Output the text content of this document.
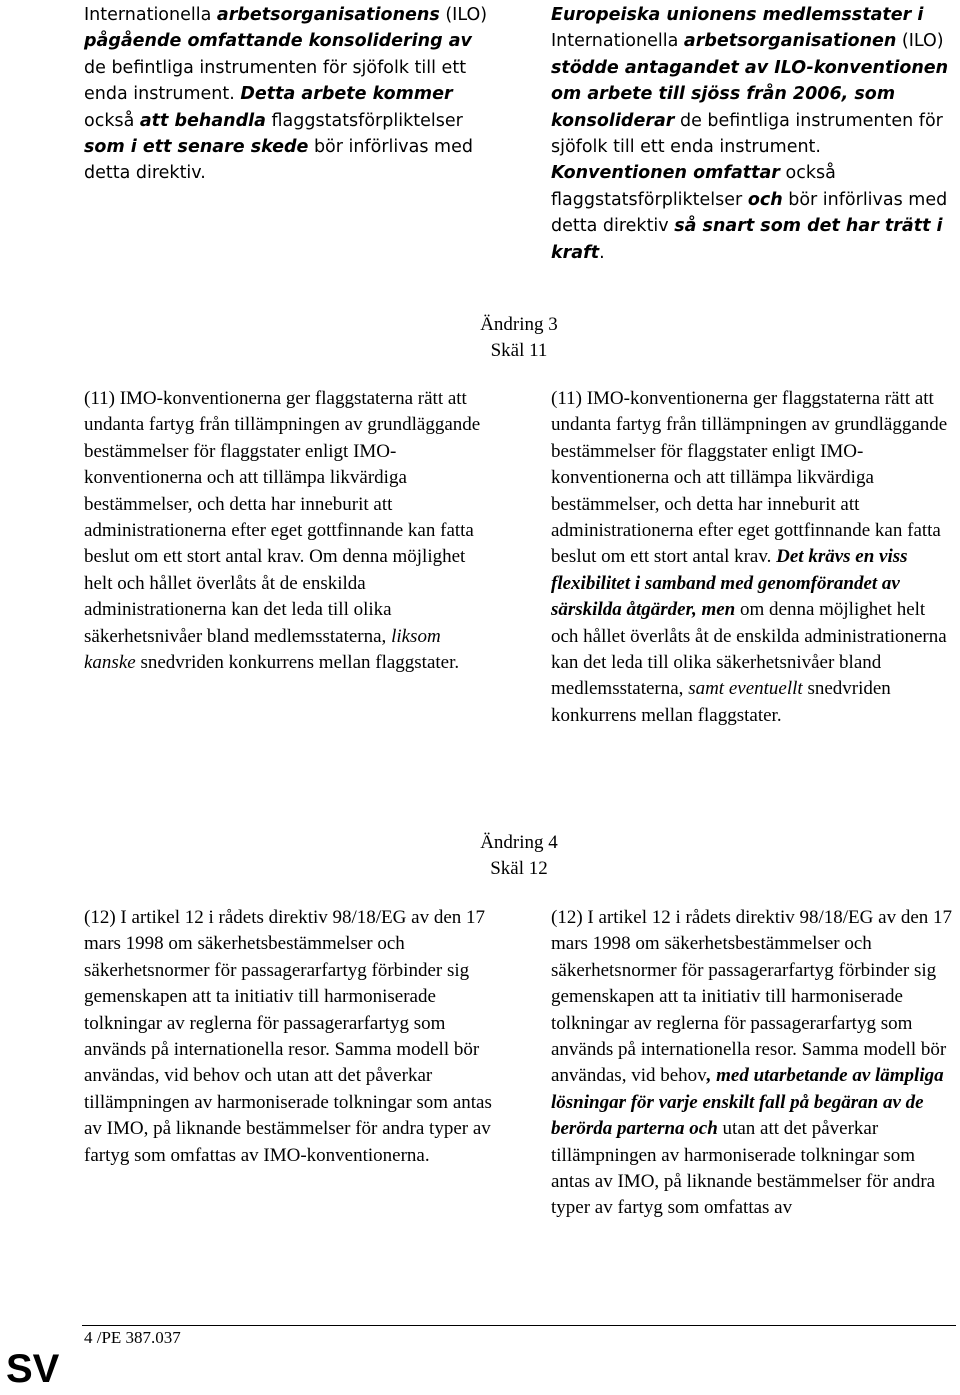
Internationella arbetsorganisationens (ILO) pågående omfattande konsolidering av de befintliga instrumenten för sjöfolk till ett enda instrument. Detta arbete kommer också att behandla flaggstatsförpliktelser som i ett senare skede bör införlivas med detta direktiv.

Europeiska unionens medlemsstater i Internationella arbetsorganisationen (ILO) stödde antagandet av ILO-konventionen om arbete till sjöss från 2006, som konsoliderar de befintliga instrumenten för sjöfolk till ett enda instrument. Konventionen omfattar också flaggstatsförpliktelser och bör införlivas med detta direktiv så snart som det har trätt i kraft.

Ändring 3

Skäl 11

(11) IMO-konventionerna ger flaggstaterna rätt att undanta fartyg från tillämpningen av grundläggande bestämmelser för flaggstater enligt IMO-konventionerna och att tillämpa likvärdiga bestämmelser, och detta har inneburit att administrationerna efter eget gottfinnande kan fatta beslut om ett stort antal krav. Om denna möjlighet helt och hållet överlåts åt de enskilda administrationerna kan det leda till olika säkerhetsnivåer bland medlemsstaterna, liksom kanske snedvriden konkurrens mellan flaggstater.

(11) IMO-konventionerna ger flaggstaterna rätt att undanta fartyg från tillämpningen av grundläggande bestämmelser för flaggstater enligt IMO-konventionerna och att tillämpa likvärdiga bestämmelser, och detta har inneburit att administrationerna efter eget gottfinnande kan fatta beslut om ett stort antal krav. Det krävs en viss flexibilitet i samband med genomförandet av särskilda åtgärder, men om denna möjlighet helt och hållet överlåts åt de enskilda administrationerna kan det leda till olika säkerhetsnivåer bland medlemsstaterna, samt eventuellt snedvriden konkurrens mellan flaggstater.

Ändring 4

Skäl 12

(12) I artikel 12 i rådets direktiv 98/18/EG av den 17 mars 1998 om säkerhetsbestämmelser och säkerhetsnormer för passagerarfartyg förbinder sig gemenskapen att ta initiativ till harmoniserade tolkningar av reglerna för passagerarfartyg som används på internationella resor. Samma modell bör användas, vid behov och utan att det påverkar tillämpningen av harmoniserade tolkningar som antas av IMO, på liknande bestämmelser för andra typer av fartyg som omfattas av IMO-konventionerna.

(12) I artikel 12 i rådets direktiv 98/18/EG av den 17 mars 1998 om säkerhetsbestämmelser och säkerhetsnormer för passagerarfartyg förbinder sig gemenskapen att ta initiativ till harmoniserade tolkningar av reglerna för passagerarfartyg som används på internationella resor. Samma modell bör användas, vid behov, med utarbetande av lämpliga lösningar för varje enskilt fall på begäran av de berörda parterna och utan att det påverkar tillämpningen av harmoniserade tolkningar som antas av IMO, på liknande bestämmelser för andra typer av fartyg som omfattas av

4 /PE 387.037
SV
